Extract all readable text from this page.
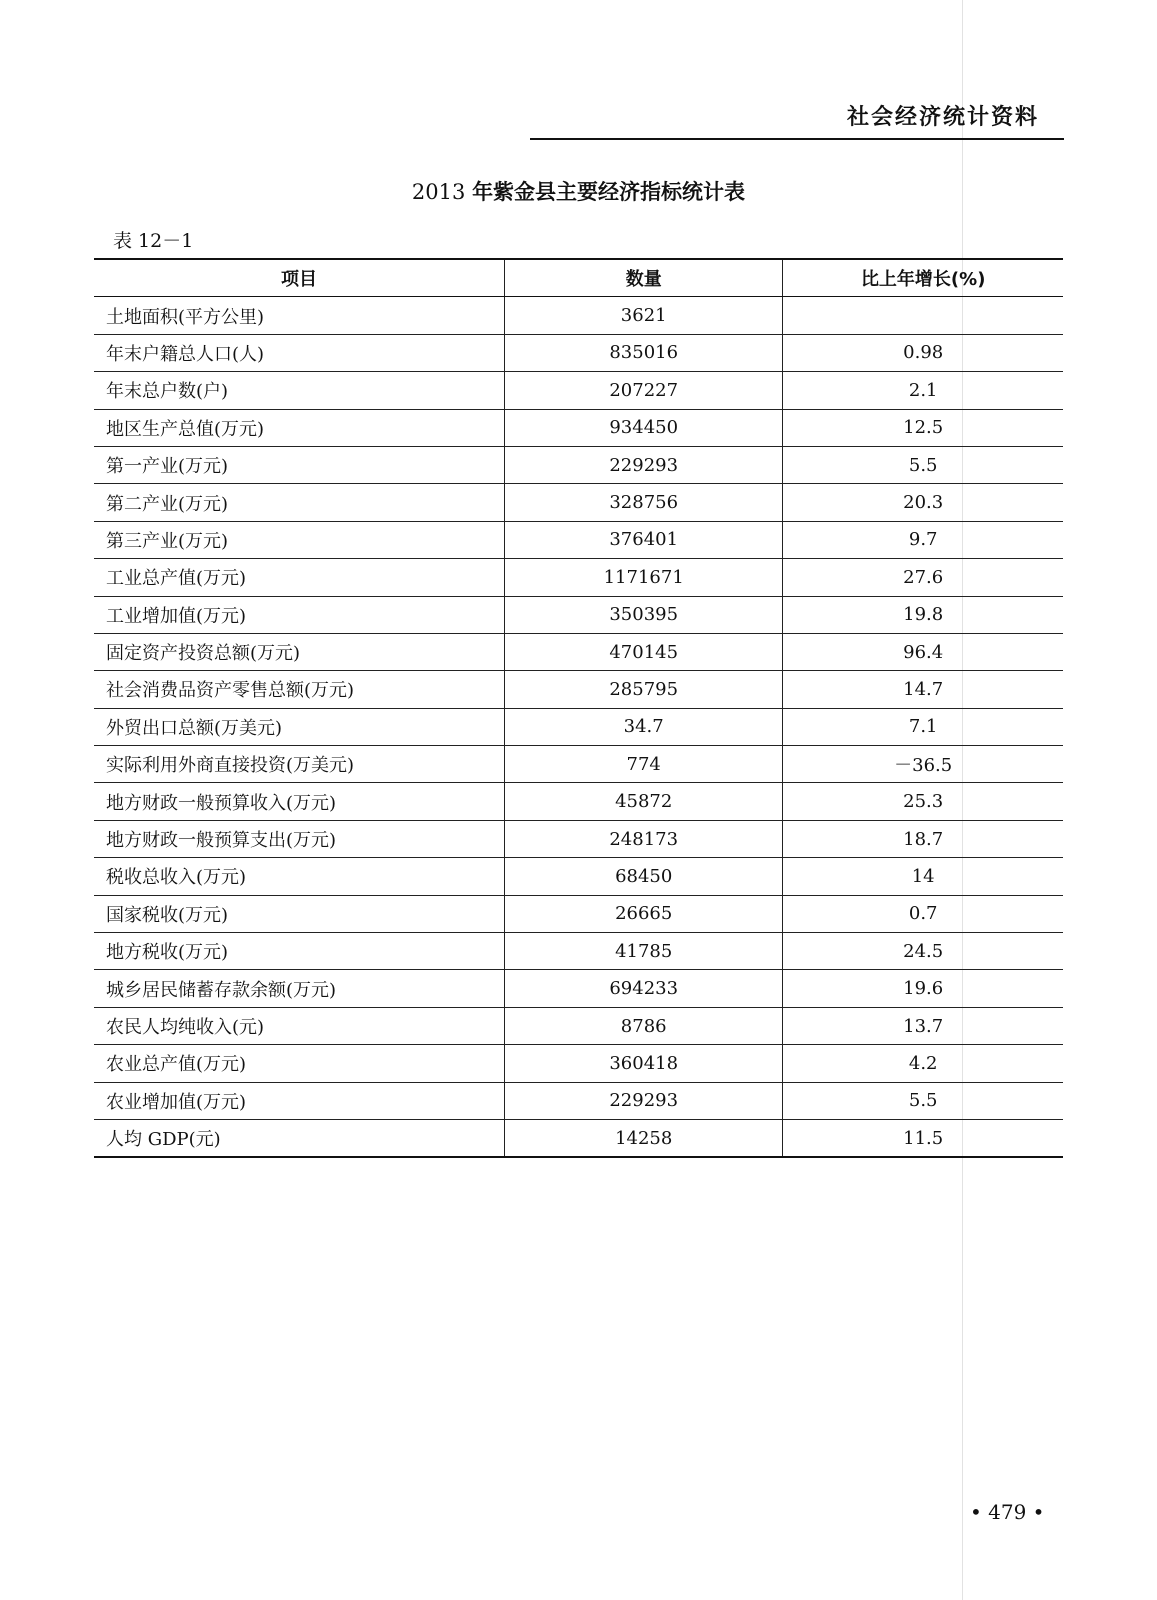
社会经济统计资料
2013 年紫金县主要经济指标统计表
表 12－1
项目	数量	比上年增长(%)
土地面积(平方公里)	3621	
年末户籍总人口(人)	835016	0.98
年末总户数(户)	207227	2.1
地区生产总值(万元)	934450	12.5
第一产业(万元)	229293	5.5
第二产业(万元)	328756	20.3
第三产业(万元)	376401	9.7
工业总产值(万元)	1171671	27.6
工业增加值(万元)	350395	19.8
固定资产投资总额(万元)	470145	96.4
社会消费品资产零售总额(万元)	285795	14.7
外贸出口总额(万美元)	34.7	7.1
实际利用外商直接投资(万美元)	774	－36.5
地方财政一般预算收入(万元)	45872	25.3
地方财政一般预算支出(万元)	248173	18.7
税收总收入(万元)	68450	14
国家税收(万元)	26665	0.7
地方税收(万元)	41785	24.5
城乡居民储蓄存款余额(万元)	694233	19.6
农民人均纯收入(元)	8786	13.7
农业总产值(万元)	360418	4.2
农业增加值(万元)	229293	5.5
人均 GDP(元)	14258	11.5
• 479 •
